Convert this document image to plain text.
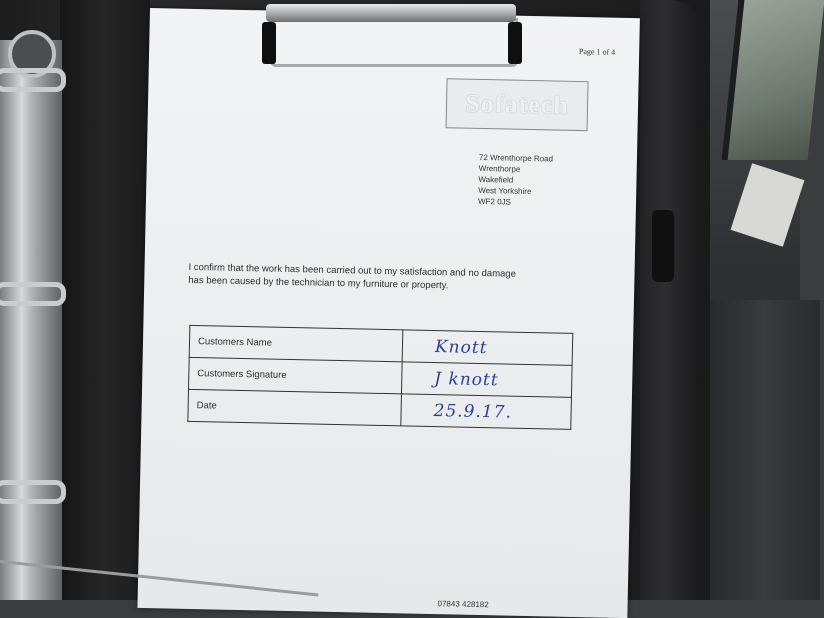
Page 1 of 4
Sofatech
72 Wrenthorpe Road
Wrenthorpe
Wakefield
West Yorkshire
WF2 0JS
I confirm that the work has been carried out to my satisfaction and no damage
has been caused by the technician to my furniture or property.
Customers Name	Knott
Customers Signature	J knott
Date	25.9.17.
07843 428182
